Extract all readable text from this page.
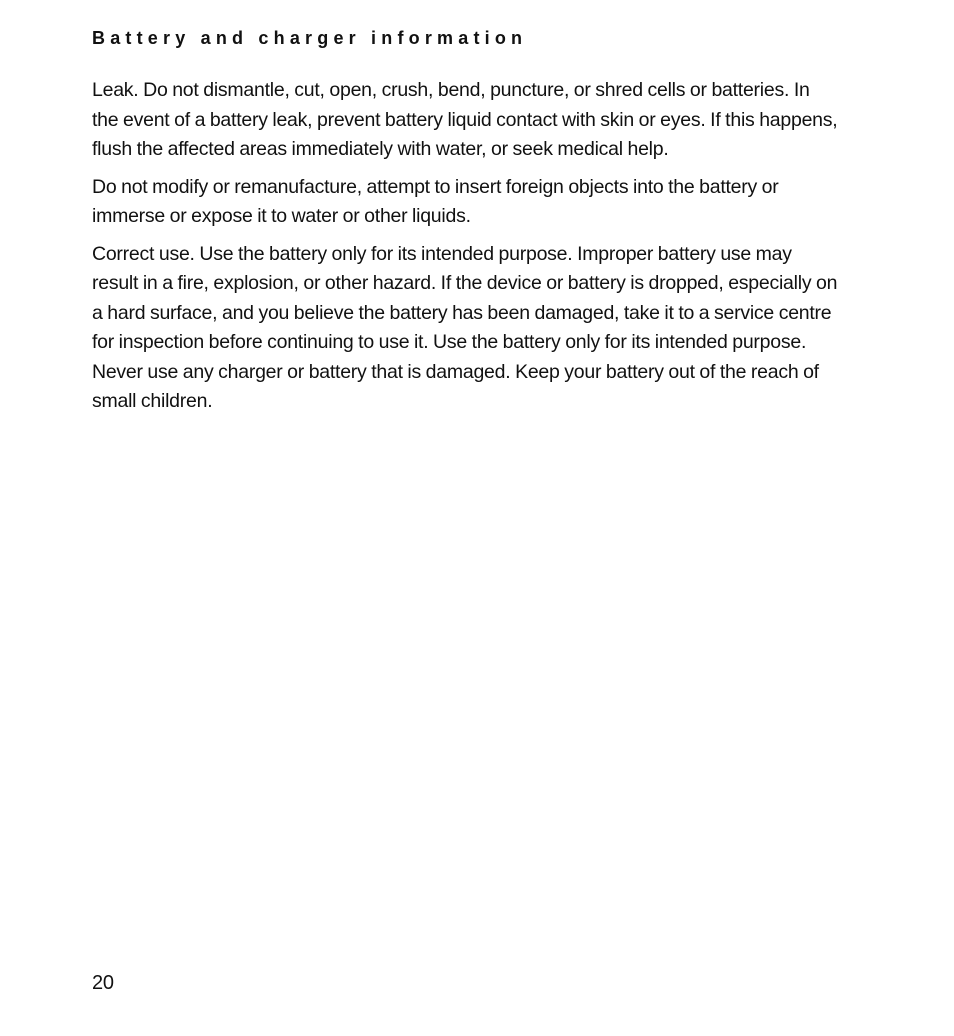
Battery and charger information

Leak. Do not dismantle, cut, open, crush, bend, puncture, or shred cells or batteries. In the event of a battery leak, prevent battery liquid contact with skin or eyes. If this happens, flush the affected areas immediately with water, or seek medical help.

Do not modify or remanufacture, attempt to insert foreign objects into the battery or immerse or expose it to water or other liquids.

Correct use. Use the battery only for its intended purpose. Improper battery use may result in a fire, explosion, or other hazard. If the device or battery is dropped, especially on a hard surface, and you believe the battery has been damaged, take it to a service centre for inspection before continuing to use it. Use the battery only for its intended purpose. Never use any charger or battery that is damaged. Keep your battery out of the reach of small children.

20
